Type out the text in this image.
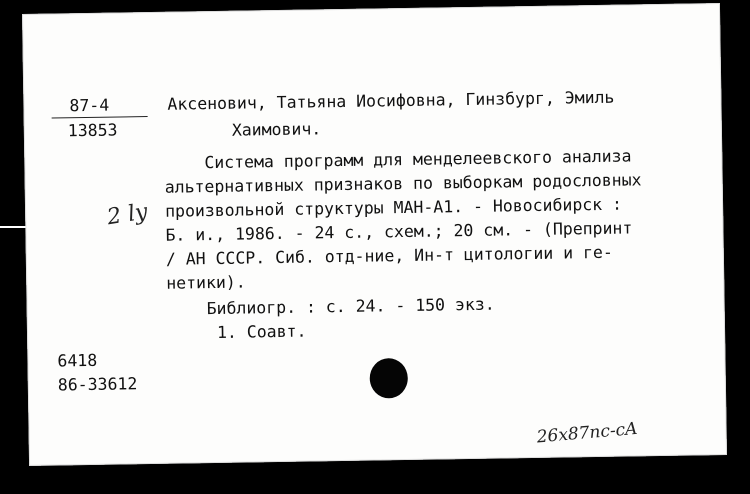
87-4
13853
Аксенович, Татьяна Иосифовна, Гинзбург, Эмиль
Хаимович.
Система программ для менделеевского анализа
альтернативных признаков по выборкам родословных
произвольной структуры МАН-А1. - Новосибирск :
Б. и., 1986. - 24 с., схем.; 20 см. - (Препринт
/ АН СССР. Сиб. отд-ние, Ин-т цитологии и ге-
нетики).
Библиогр. : с. 24. - 150 экз.
1. Соавт.
6418
86-33612
2 ly
26x87nc-cA
